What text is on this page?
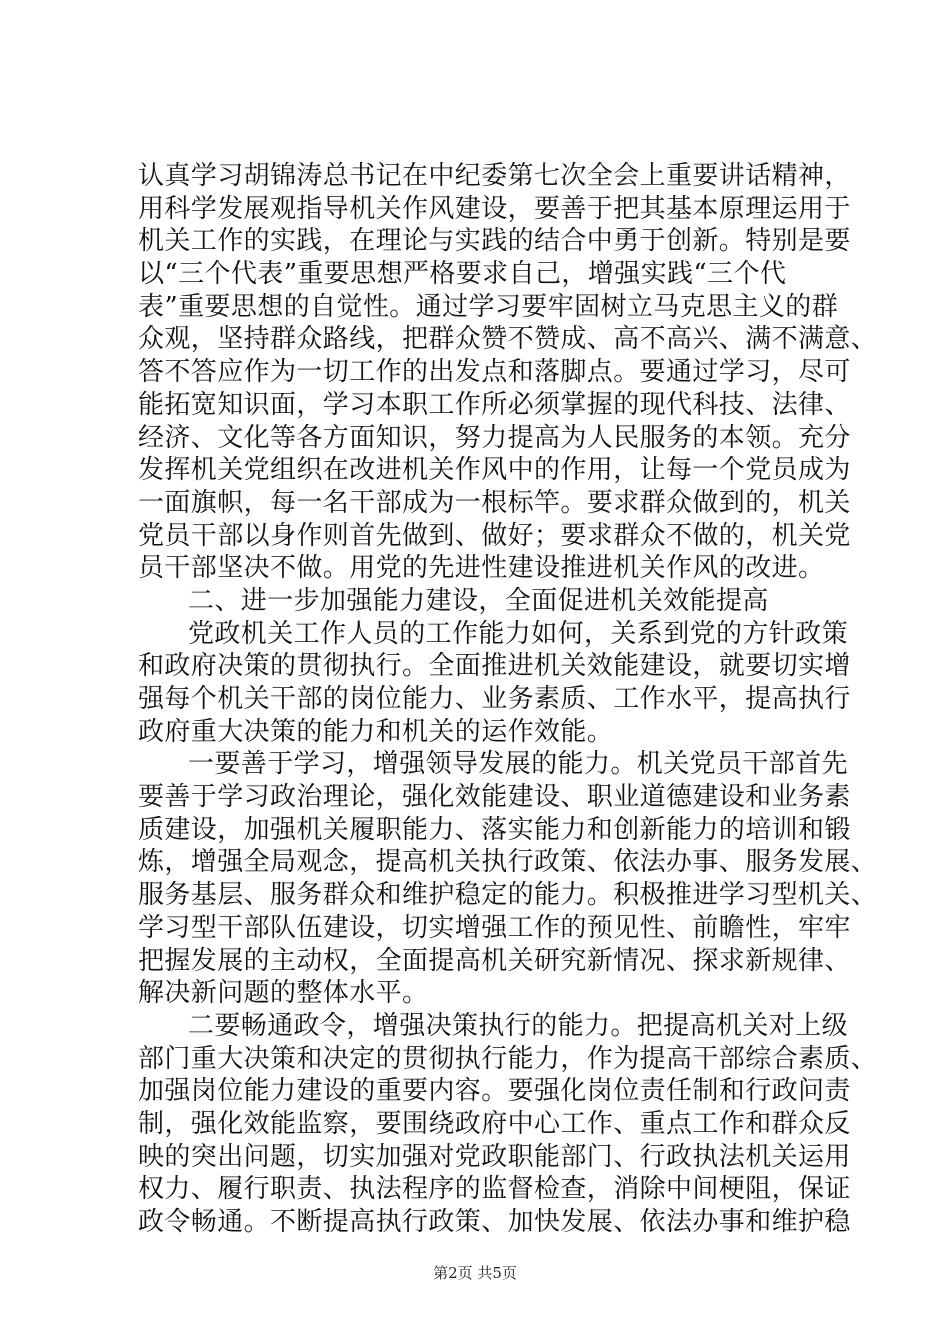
认真学习胡锦涛总书记在中纪委第七次全会上重要讲话精神，
用科学发展观指导机关作风建设，要善于把其基本原理运用于
机关工作的实践，在理论与实践的结合中勇于创新。特别是要
以“三个代表”重要思想严格要求自己，增强实践“三个代
表”重要思想的自觉性。通过学习要牢固树立马克思主义的群
众观，坚持群众路线，把群众赞不赞成、高不高兴、满不满意、
答不答应作为一切工作的出发点和落脚点。要通过学习，尽可
能拓宽知识面，学习本职工作所必须掌握的现代科技、法律、
经济、文化等各方面知识，努力提高为人民服务的本领。充分
发挥机关党组织在改进机关作风中的作用，让每一个党员成为
一面旗帜，每一名干部成为一根标竿。要求群众做到的，机关
党员干部以身作则首先做到、做好；要求群众不做的，机关党
员干部坚决不做。用党的先进性建设推进机关作风的改进。
二、进一步加强能力建设，全面促进机关效能提高
党政机关工作人员的工作能力如何，关系到党的方针政策
和政府决策的贯彻执行。全面推进机关效能建设，就要切实增
强每个机关干部的岗位能力、业务素质、工作水平，提高执行
政府重大决策的能力和机关的运作效能。
一要善于学习，增强领导发展的能力。机关党员干部首先
要善于学习政治理论，强化效能建设、职业道德建设和业务素
质建设，加强机关履职能力、落实能力和创新能力的培训和锻
炼，增强全局观念，提高机关执行政策、依法办事、服务发展、
服务基层、服务群众和维护稳定的能力。积极推进学习型机关、
学习型干部队伍建设，切实增强工作的预见性、前瞻性，牢牢
把握发展的主动权，全面提高机关研究新情况、探求新规律、
解决新问题的整体水平。
二要畅通政令，增强决策执行的能力。把提高机关对上级
部门重大决策和决定的贯彻执行能力，作为提高干部综合素质、
加强岗位能力建设的重要内容。要强化岗位责任制和行政问责
制，强化效能监察，要围绕政府中心工作、重点工作和群众反
映的突出问题，切实加强对党政职能部门、行政执法机关运用
权力、履行职责、执法程序的监督检查，消除中间梗阻，保证
政令畅通。不断提高执行政策、加快发展、依法办事和维护稳
第2页 共5页
